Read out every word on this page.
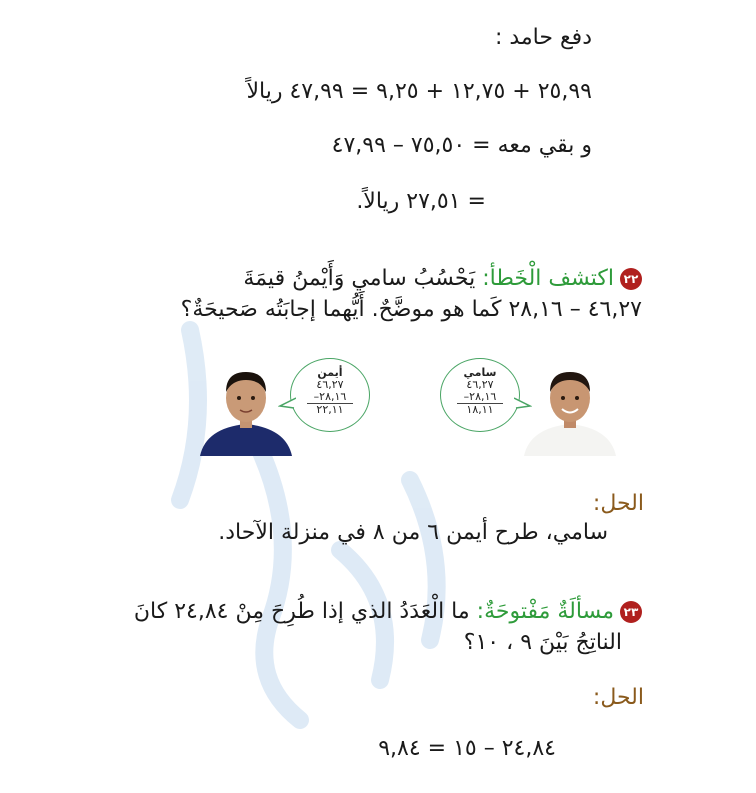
دفع حامد :
٢٥,٩٩ + ١٢,٧٥ + ٩,٢٥ = ٤٧,٩٩ ريالاً
و بقي معه = ٧٥,٥٠ – ٤٧,٩٩
= ٢٧,٥١ ريالاً.
٢٢اكتشف الْخَطأ: يَحْسُبُ سامي وَأَيْمنُ قيمَةَ
٤٦,٢٧ – ٢٨,١٦ كَما هو موضَّحٌ. أَيُّهما إجابَتُه صَحيحَةٌ؟
أيمن
٤٦,٢٧
٢٨,١٦–
٢٢,١١
سامي
٤٦,٢٧
٢٨,١٦–
١٨,١١
الحل:
سامي، طرح أيمن ٦ من ٨ في منزلة الآحاد.
٢٣مسألَةٌ مَفْتوحَةٌ: ما الْعَدَدُ الذي إذا طُرِحَ مِنْ ٢٤,٨٤ كانَ
الناتِجُ بَيْنَ ٩ ، ١٠؟
الحل:
٢٤,٨٤ – ١٥ = ٩,٨٤
